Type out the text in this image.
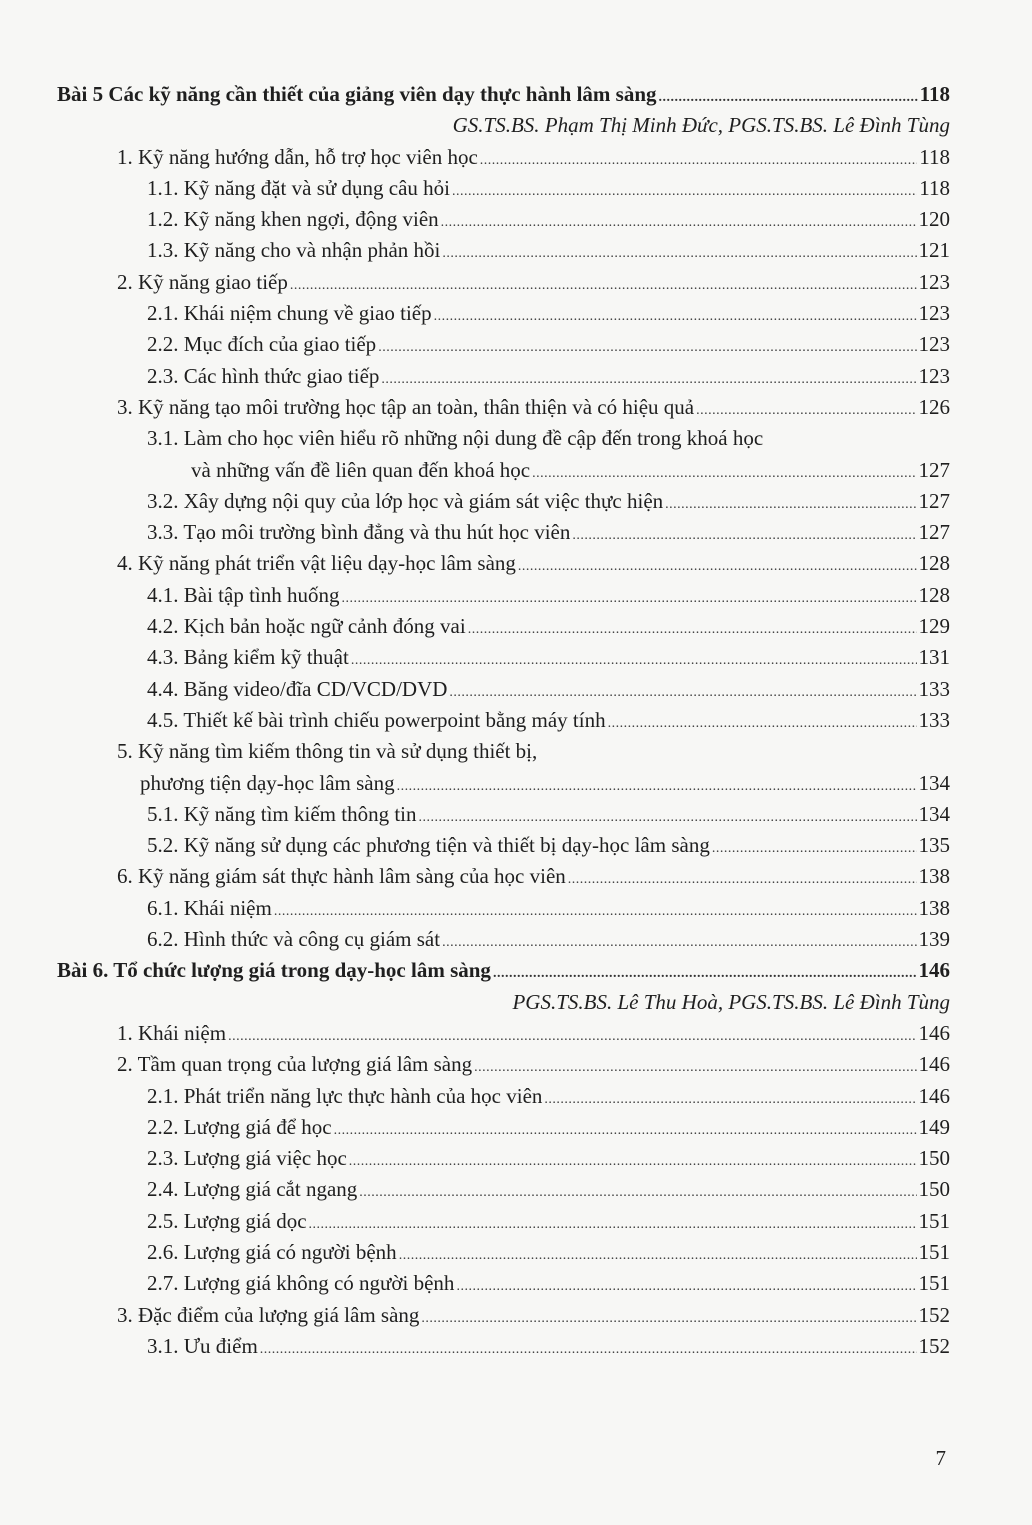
Bài 5 Các kỹ năng cần thiết của giảng viên dạy thực hành lâm sàng .....	118
GS.TS.BS. Phạm Thị Minh Đức, PGS.TS.BS. Lê Đình Tùng
1. Kỹ năng hướng dẫn, hỗ trợ học viên học .....	118
1.1. Kỹ năng đặt và sử dụng câu hỏi .....	118
1.2. Kỹ năng khen ngợi, động viên .....	120
1.3. Kỹ năng cho và nhận phản hồi .....	121
2. Kỹ năng giao tiếp .....	123
2.1. Khái niệm chung về giao tiếp .....	123
2.2. Mục đích của giao tiếp .....	123
2.3. Các hình thức giao tiếp .....	123
3. Kỹ năng tạo môi trường học tập an toàn, thân thiện và có hiệu quả .....	126
3.1. Làm cho học viên hiểu rõ những nội dung đề cập đến trong khoá học
và những vấn đề liên quan đến khoá học .....	127
3.2. Xây dựng nội quy của lớp học và giám sát việc thực hiện .....	127
3.3. Tạo môi trường bình đẳng và thu hút học viên .....	127
4. Kỹ năng phát triển vật liệu dạy-học lâm sàng .....	128
4.1. Bài tập tình huống .....	128
4.2. Kịch bản hoặc ngữ cảnh đóng vai .....	129
4.3. Bảng kiểm kỹ thuật .....	131
4.4. Băng video/đĩa CD/VCD/DVD .....	133
4.5. Thiết kế bài trình chiếu powerpoint bằng máy tính .....	133
5. Kỹ năng tìm kiếm thông tin và sử dụng thiết bị,
phương tiện dạy-học lâm sàng .....	134
5.1. Kỹ năng tìm kiếm thông tin .....	134
5.2. Kỹ năng sử dụng các phương tiện và thiết bị dạy-học lâm sàng .....	135
6. Kỹ năng giám sát thực hành lâm sàng của học viên .....	138
6.1. Khái niệm .....	138
6.2. Hình thức và công cụ giám sát .....	139
Bài 6. Tổ chức lượng giá trong dạy-học lâm sàng .....	146
PGS.TS.BS. Lê Thu Hoà, PGS.TS.BS. Lê Đình Tùng
1. Khái niệm .....	146
2. Tầm quan trọng của lượng giá lâm sàng .....	146
2.1. Phát triển năng lực thực hành của học viên .....	146
2.2. Lượng giá để học .....	149
2.3. Lượng giá việc học .....	150
2.4. Lượng giá cắt ngang .....	150
2.5. Lượng giá dọc .....	151
2.6. Lượng giá có người bệnh .....	151
2.7. Lượng giá không có người bệnh .....	151
3. Đặc điểm của lượng giá lâm sàng .....	152
3.1. Ưu điểm .....	152
7
